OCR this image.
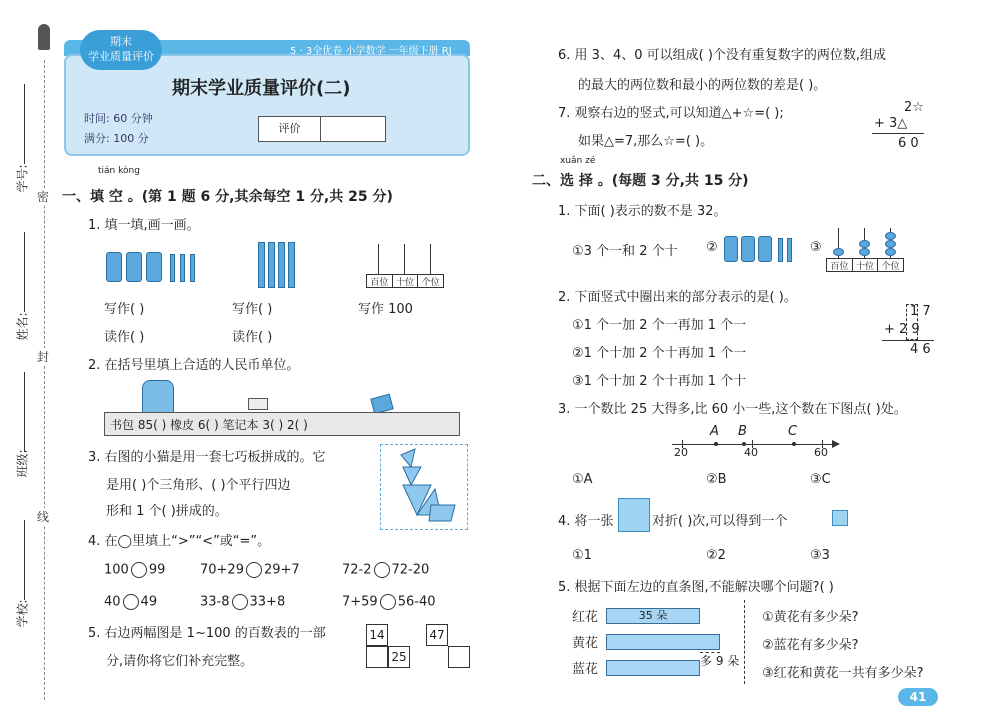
学号:
姓名:
班级:
学校:
密
封
线
期末
学业质量评价	5 · 3全优卷 小学数学 一年级下册 RJ
期末学业质量评价(二)
时间: 60 分钟
满分: 100 分
评价
tián kòng
一、填 空 。(第 1 题 6 分,其余每空 1 分,共 25 分)
1. 填一填,画一画。
百位 十位 个位
写作( )	写作( )	写作 100
读作( )	读作( )
2. 在括号里填上合适的人民币单位。
书包 85( ) 橡皮 6( ) 笔记本 3( ) 2( )
3. 右图的小猫是用一套七巧板拼成的。它
是用( )个三角形、( )个平行四边
形和 1 个( )拼成的。
4. 在◯里填上“>”“<”或“=”。
100 99	70+29 29+7	72-2 72-20
40 49	33-8 33+8	7+59 56-40
5. 右边两幅图是 1~100 的百数表的一部
分,请你将它们补充完整。
14
25
47
6. 用 3、4、0 可以组成( )个没有重复数字的两位数,组成
的最大的两位数和最小的两位数的差是( )。
7. 观察右边的竖式,可以知道△+☆=( );
如果△=7,那么☆=( )。
2☆
+ 3△
6 0
xuǎn zé
二、选 择 。(每题 3 分,共 15 分)
1. 下面( )表示的数不是 32。
①3 个一和 2 个十 ②	③
百位 十位 个位
2. 下面竖式中圈出来的部分表示的是( )。
①1 个一加 2 个一再加 1 个一
②1 个十加 2 个十再加 1 个一
③1 个十加 2 个十再加 1 个十
1 7
+ 2 9
4 6
3. 一个数比 25 大得多,比 60 小一些,这个数在下图点( )处。
A B	C
20	40	60
①A	②B	③C
4. 将一张	对折( )次,可以得到一个
①1	②2	③3
5. 根据下面左边的直条图,不能解决哪个问题?( )
红花
黄花
蓝花
35 朵
多 9 朵
①黄花有多少朵?
②蓝花有多少朵?
③红花和黄花一共有多少朵?
41
